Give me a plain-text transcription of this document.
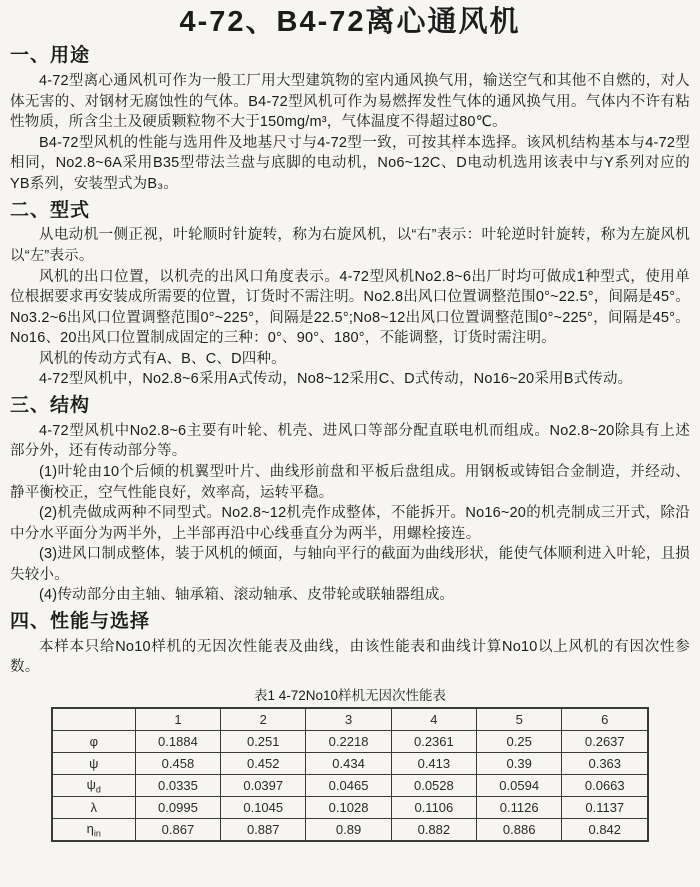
4-72、B4-72离心通风机
一、用途

4-72型离心通风机可作为一般工厂用大型建筑物的室内通风换气用，输送空气和其他不自燃的，对人体无害的、对钢材无腐蚀性的气体。B4-72型风机可作为易燃挥发性气体的通风换气用。气体内不许有粘性物质，所含尘土及硬质颗粒物不大于150mg/m³，气体温度不得超过80℃。

B4-72型风机的性能与选用件及地基尺寸与4-72型一致，可按其样本选择。该风机结构基本与4-72型相同，No2.8~6A采用B35型带法兰盘与底脚的电动机，No6~12C、D电动机选用该表中与Y系列对应的YB系列，安装型式为B₃。

二、型式

从电动机一侧正视，叶轮顺时针旋转，称为右旋风机，以“右”表示：叶轮逆时针旋转，称为左旋风机以“左”表示。

风机的出口位置，以机壳的出风口角度表示。4-72型风机No2.8~6出厂时均可做成1种型式，使用单位根据要求再安装成所需要的位置，订货时不需注明。No2.8出风口位置调整范围0°~22.5°，间隔是45°。No3.2~6出风口位置调整范围0°~225°，间隔是22.5°;No8~12出风口位置调整范围0°~225°，间隔是45°。No16、20出风口位置制成固定的三种：0°、90°、180°，不能调整，订货时需注明。

风机的传动方式有A、B、C、D四种。

4-72型风机中，No2.8~6采用A式传动，No8~12采用C、D式传动，No16~20采用B式传动。

三、结构

4-72型风机中No2.8~6主要有叶轮、机壳、进风口等部分配直联电机而组成。No2.8~20除具有上述部分外，还有传动部分等。

(1)叶轮由10个后倾的机翼型叶片、曲线形前盘和平板后盘组成。用钢板或铸铝合金制造，并经动、静平衡校正，空气性能良好，效率高，运转平稳。

(2)机壳做成两种不同型式。No2.8~12机壳作成整体，不能拆开。No16~20的机壳制成三开式，除沿中分水平面分为两半外，上半部再沿中心线垂直分为两半，用螺栓接连。

(3)进风口制成整体，装于风机的倾面，与轴向平行的截面为曲线形状，能使气体顺利进入叶轮，且损失较小。

(4)传动部分由主轴、轴承箱、滚动轴承、皮带轮或联轴器组成。

四、性能与选择

本样本只给No10样机的无因次性能表及曲线，由该性能表和曲线计算No10以上风机的有因次性参数。

表1 4-72No10样机无因次性能表
	1	2	3	4	5	6
φ	0.1884	0.251	0.2218	0.2361	0.25	0.2637
ψ	0.458	0.452	0.434	0.413	0.39	0.363
$\psi_d$	0.0335	0.0397	0.0465	0.0528	0.0594	0.0663
λ	0.0995	0.1045	0.1028	0.1106	0.1126	0.1137
$\eta_{in}$	0.867	0.887	0.89	0.882	0.886	0.842
